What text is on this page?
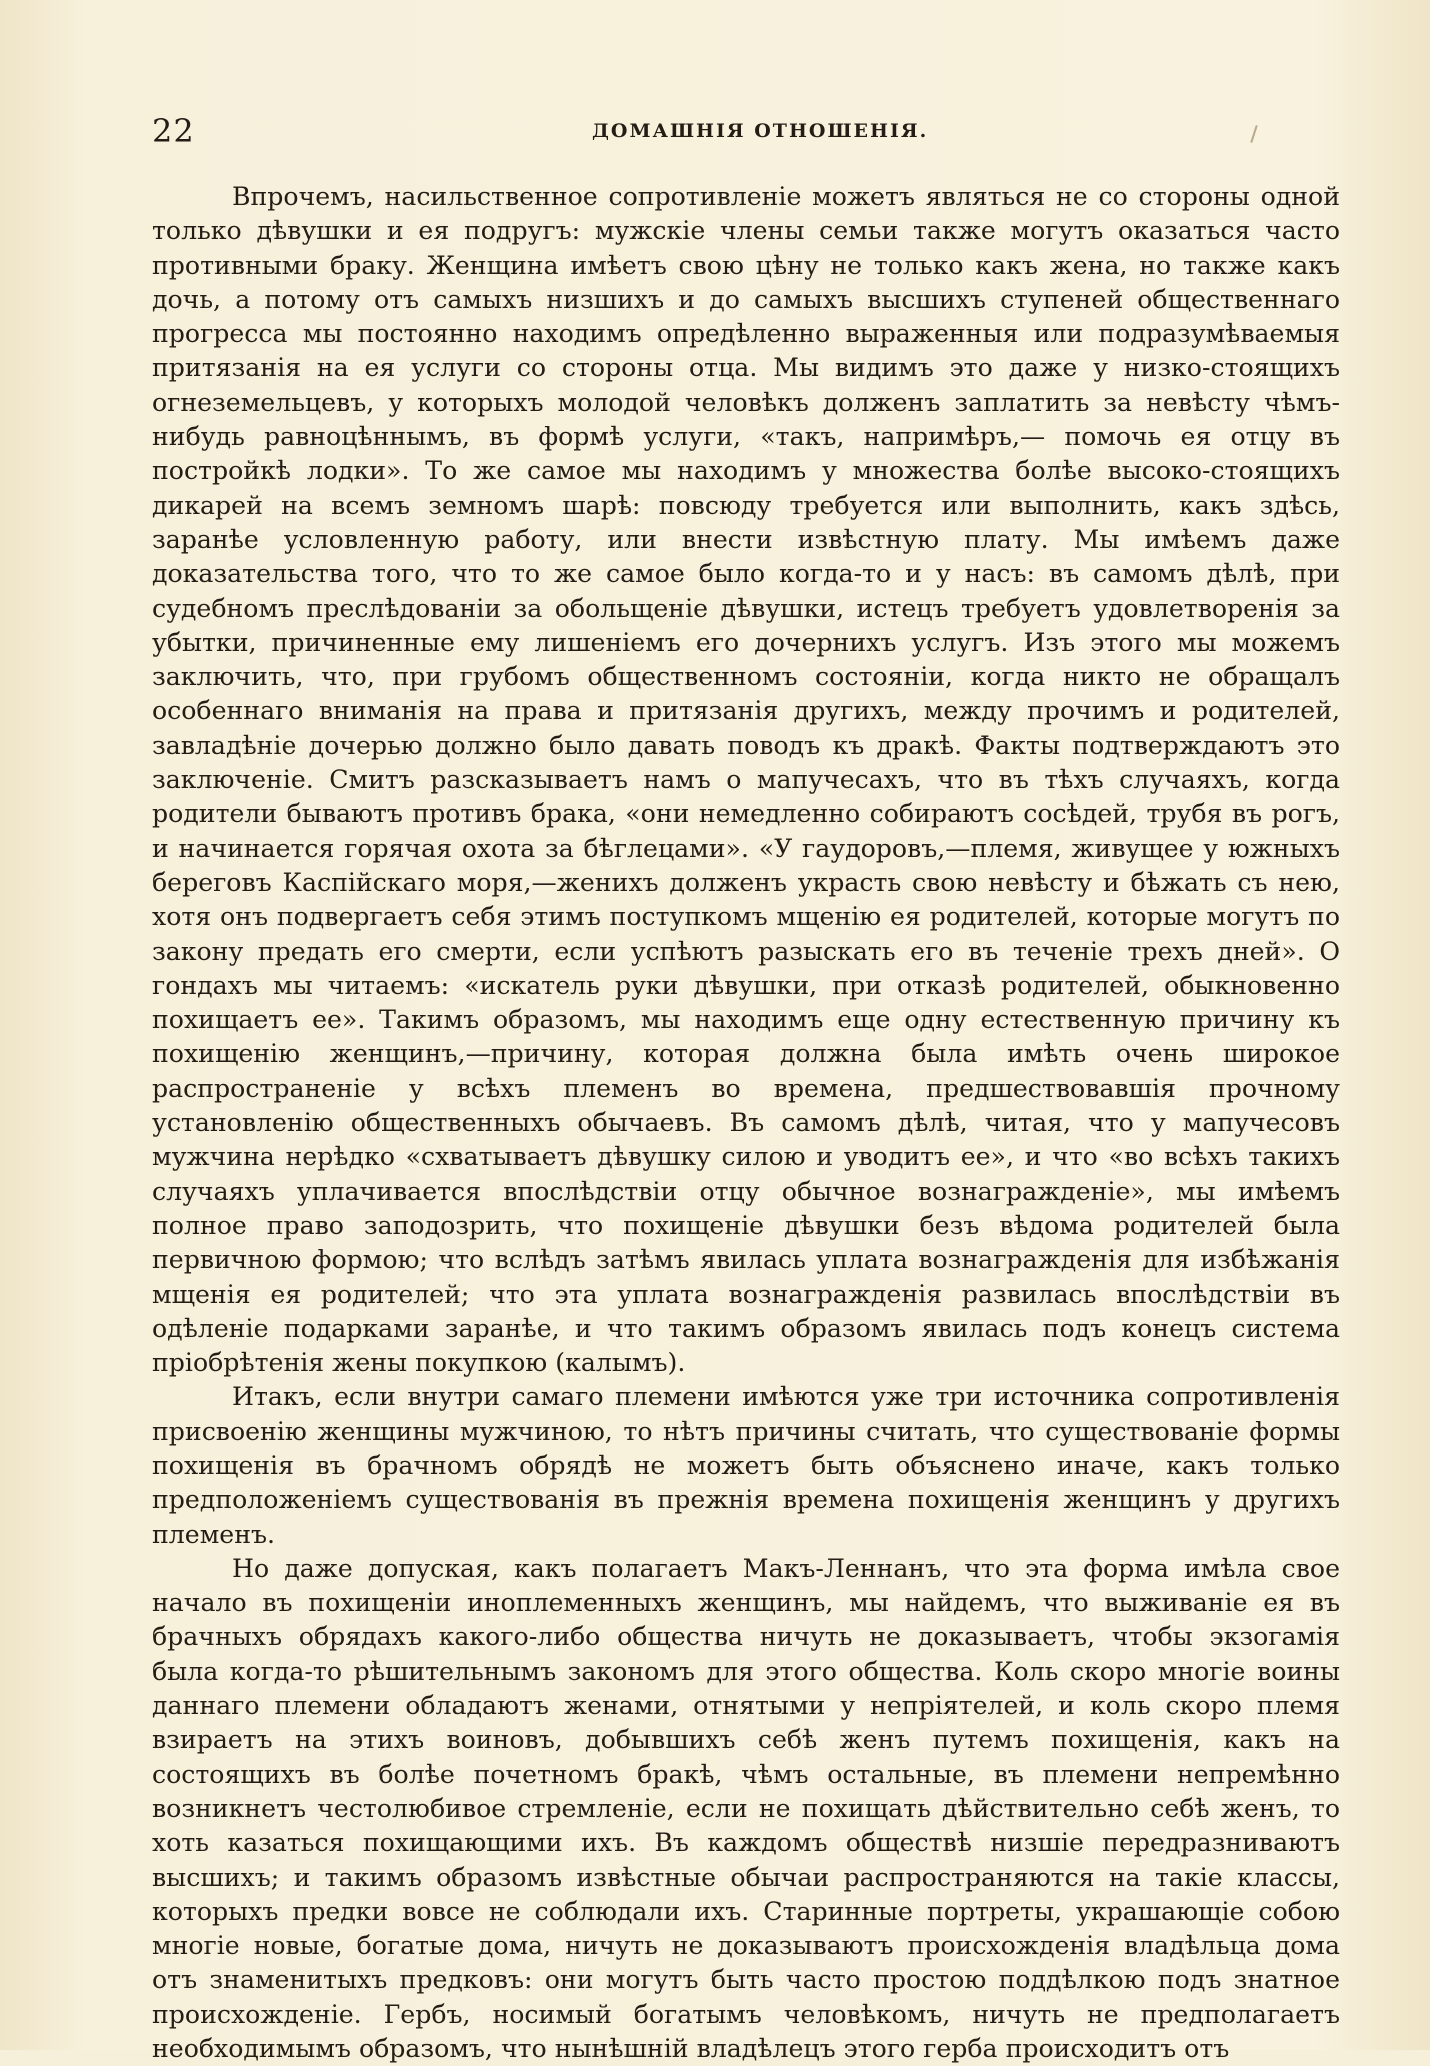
22	ДОМАШНІЯ ОТНОШЕНІЯ.

Впрочемъ, насильственное сопротивленіе можетъ являться не со стороны одной только дѣвушки и ея подругъ: мужскіе члены семьи также могутъ оказаться часто противными браку. Женщина имѣетъ свою цѣну не только какъ жена, но также какъ дочь, а потому отъ самыхъ низшихъ и до самыхъ высшихъ ступеней общественнаго прогресса мы постоянно находимъ опредѣленно выраженныя или подразумѣваемыя притязанія на ея услуги со стороны отца. Мы видимъ это даже у низко-стоящихъ огнеземельцевъ, у которыхъ молодой человѣкъ долженъ заплатить за невѣсту чѣмъ-нибудь равноцѣннымъ, въ формѣ услуги, «такъ, напримѣръ,— помочь ея отцу въ постройкѣ лодки». То же самое мы находимъ у множества болѣе высоко-стоящихъ дикарей на всемъ земномъ шарѣ: повсюду требуется или выполнить, какъ здѣсь, заранѣе условленную работу, или внести извѣстную плату. Мы имѣемъ даже доказательства того, что то же самое было когда-то и у насъ: въ самомъ дѣлѣ, при судебномъ преслѣдованіи за обольщеніе дѣвушки, истецъ требуетъ удовлетворенія за убытки, причиненные ему лишеніемъ его дочернихъ услугъ. Изъ этого мы можемъ заключить, что, при грубомъ общественномъ состояніи, когда никто не обращалъ особеннаго вниманія на права и притязанія другихъ, между прочимъ и родителей, завладѣніе дочерью должно было давать поводъ къ дракѣ. Факты подтверждаютъ это заключеніе. Смитъ разсказываетъ намъ о мапучесахъ, что въ тѣхъ случаяхъ, когда родители бываютъ противъ брака, «они немедленно собираютъ сосѣдей, трубя въ рогъ, и начинается горячая охота за бѣглецами». «У гаудоровъ,—племя, живущее у южныхъ береговъ Каспійскаго моря,—женихъ долженъ украсть свою невѣсту и бѣжать съ нею, хотя онъ подвергаетъ себя этимъ поступкомъ мщенію ея родителей, которые могутъ по закону предать его смерти, если успѣютъ разыскать его въ теченіе трехъ дней». О гондахъ мы читаемъ: «искатель руки дѣвушки, при отказѣ родителей, обыкновенно похищаетъ ее». Такимъ образомъ, мы находимъ еще одну естественную причину къ похищенію женщинъ,—причину, которая должна была имѣть очень широкое распространеніе у всѣхъ племенъ во времена, предшествовавшія прочному установленію общественныхъ обычаевъ. Въ самомъ дѣлѣ, читая, что у мапучесовъ мужчина нерѣдко «схватываетъ дѣвушку силою и уводитъ ее», и что «во всѣхъ такихъ случаяхъ уплачивается впослѣдствіи отцу обычное вознагражденіе», мы имѣемъ полное право заподозрить, что похищеніе дѣвушки безъ вѣдома родителей была первичною формою; что вслѣдъ затѣмъ явилась уплата вознагражденія для избѣжанія мщенія ея родителей; что эта уплата вознагражденія развилась впослѣдствіи въ одѣленіе подарками заранѣе, и что такимъ образомъ явилась подъ конецъ система пріобрѣтенія жены покупкою (калымъ).

Итакъ, если внутри самаго племени имѣются уже три источника сопротивленія присвоенію женщины мужчиною, то нѣтъ причины считать, что существованіе формы похищенія въ брачномъ обрядѣ не можетъ быть объяснено иначе, какъ только предположеніемъ существованія въ прежнія времена похищенія женщинъ у другихъ племенъ.

Но даже допуская, какъ полагаетъ Макъ-Леннанъ, что эта форма имѣла свое начало въ похищеніи иноплеменныхъ женщинъ, мы найдемъ, что выживаніе ея въ брачныхъ обрядахъ какого-либо общества ничуть не доказываетъ, чтобы экзогамія была когда-то рѣшительнымъ закономъ для этого общества. Коль скоро многіе воины даннаго племени обладаютъ женами, отнятыми у непріятелей, и коль скоро племя взираетъ на этихъ воиновъ, добывшихъ себѣ женъ путемъ похищенія, какъ на состоящихъ въ болѣе почетномъ бракѣ, чѣмъ остальные, въ племени непремѣнно возникнетъ честолюбивое стремленіе, если не похищать дѣйствительно себѣ женъ, то хоть казаться похищающими ихъ. Въ каждомъ обществѣ низшіе передразниваютъ высшихъ; и такимъ образомъ извѣстные обычаи распространяются на такіе классы, которыхъ предки вовсе не соблюдали ихъ. Старинные портреты, украшающіе собою многіе новые, богатые дома, ничуть не доказываютъ происхожденія владѣльца дома отъ знаменитыхъ предковъ: они могутъ быть часто простою поддѣлкою подъ знатное происхожденіе. Гербъ, носимый богатымъ человѣкомъ, ничуть не предполагаетъ необходимымъ образомъ, что нынѣшній владѣлецъ этого герба происходитъ отъ
